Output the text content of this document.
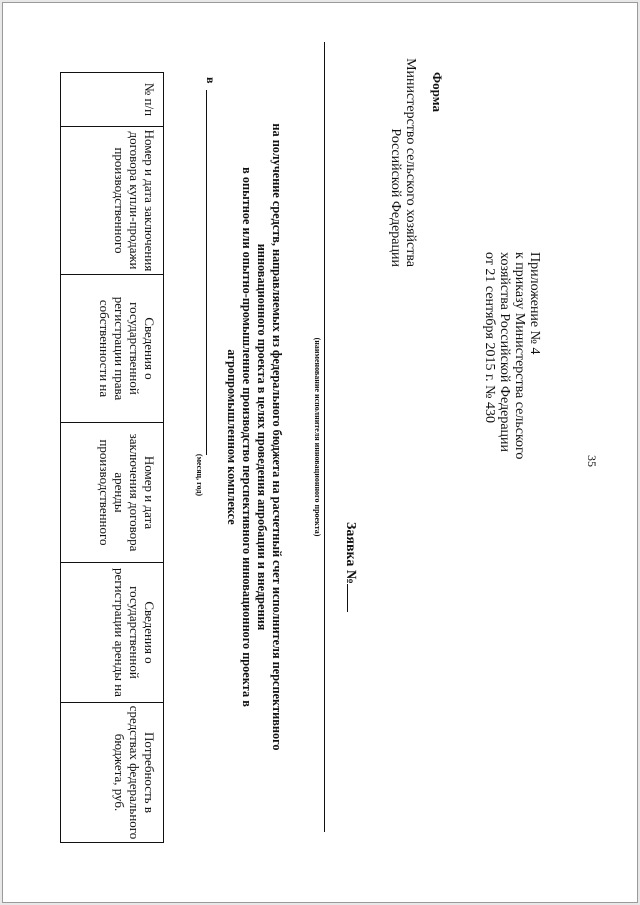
35
Приложение № 4
к приказу Министерства сельского
хозяйства Российской Федерации
от 21 сентября 2015 г. № 430
Форма
Министерство сельского хозяйства
Российской Федерации
Заявка №
(наименование исполнителя инновационного проекта)
на получение средств, направляемых из федерального бюджета на расчетный счет исполнителя перспективного
инновационного проекта в целях проведения апробации и внедрения
в опытное или опытно-промышленное производство перспективного инновационного проекта в
агропромышленном комплексе
в
(месяц, год)
№ п/п	Номер и дата заключения договора купли-продажи производственного	Сведения о государственной регистрации права собственности на	Номер и дата заключения договора аренды производственного	Сведения о государственной регистрации аренды на	Потребность в средствах федерального бюджета, руб.
